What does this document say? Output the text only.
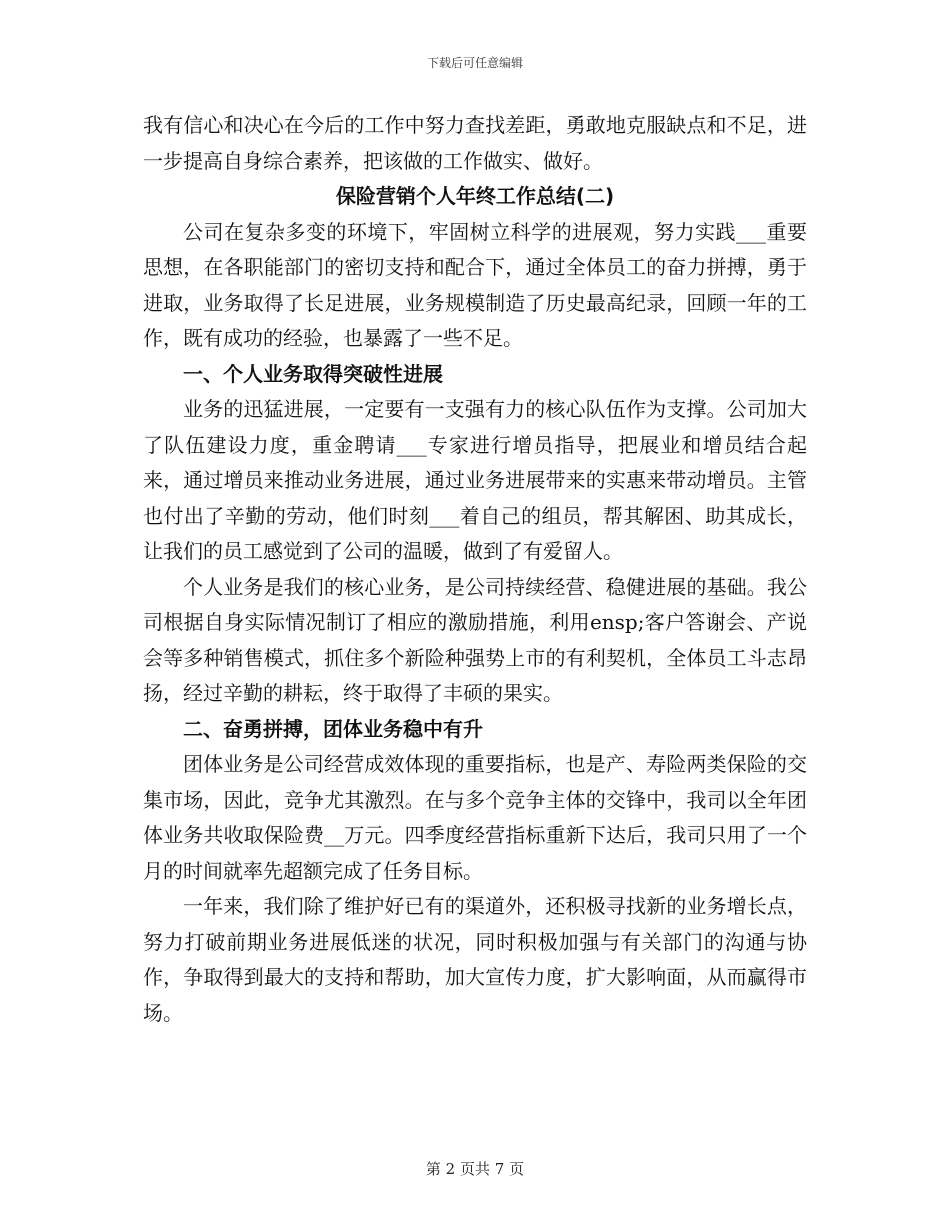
下载后可任意编辑

我有信心和决心在今后的工作中努力查找差距，勇敢地克服缺点和不足，进一步提高自身综合素养，把该做的工作做实、做好。

保险营销个人年终工作总结(二)

公司在复杂多变的环境下，牢固树立科学的进展观，努力实践___重要思想，在各职能部门的密切支持和配合下，通过全体员工的奋力拼搏，勇于进取，业务取得了长足进展，业务规模制造了历史最高纪录，回顾一年的工作，既有成功的经验，也暴露了一些不足。

一、个人业务取得突破性进展

业务的迅猛进展，一定要有一支强有力的核心队伍作为支撑。公司加大了队伍建设力度，重金聘请___专家进行增员指导，把展业和增员结合起来，通过增员来推动业务进展，通过业务进展带来的实惠来带动增员。主管也付出了辛勤的劳动，他们时刻___着自己的组员，帮其解困、助其成长，让我们的员工感觉到了公司的温暖，做到了有爱留人。

个人业务是我们的核心业务，是公司持续经营、稳健进展的基础。我公司根据自身实际情况制订了相应的激励措施，利用ensp;客户答谢会、产说会等多种销售模式，抓住多个新险种强势上市的有利契机，全体员工斗志昂扬，经过辛勤的耕耘，终于取得了丰硕的果实。

二、奋勇拼搏，团体业务稳中有升

团体业务是公司经营成效体现的重要指标，也是产、寿险两类保险的交集市场，因此，竞争尤其激烈。在与多个竞争主体的交锋中，我司以全年团体业务共收取保险费__万元。四季度经营指标重新下达后，我司只用了一个月的时间就率先超额完成了任务目标。

一年来，我们除了维护好已有的渠道外，还积极寻找新的业务增长点，努力打破前期业务进展低迷的状况，同时积极加强与有关部门的沟通与协作，争取得到最大的支持和帮助，加大宣传力度，扩大影响面，从而赢得市场。

第 2 页共 7 页
